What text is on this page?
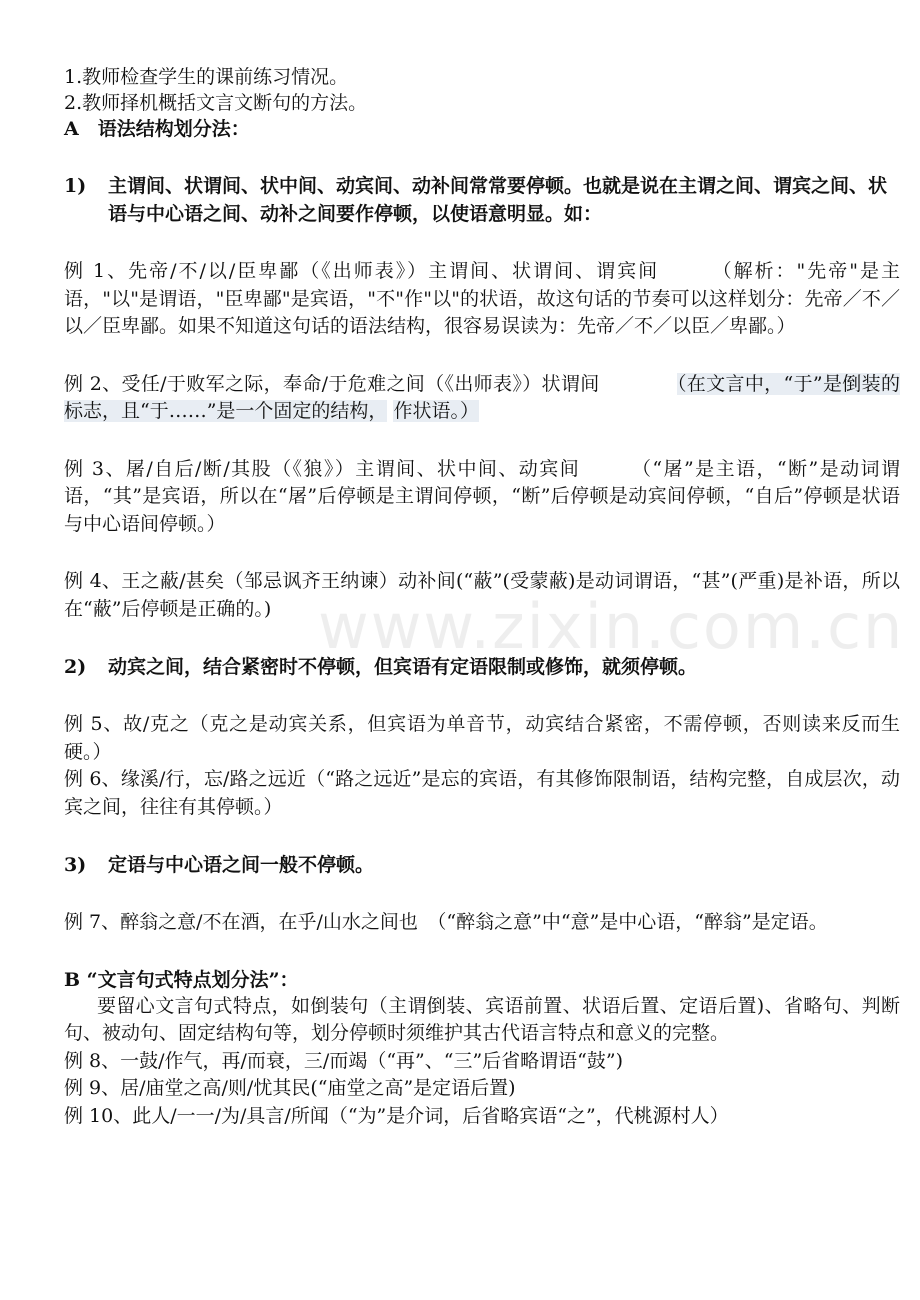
1.教师检查学生的课前练习情况。
2.教师择机概括文言文断句的方法。
A　语法结构划分法：
1)	主谓间、状谓间、状中间、动宾间、动补间常常要停顿。也就是说在主谓之间、谓宾之间、状语与中心语之间、动补之间要作停顿，以使语意明显。如：
例 1、先帝/不/以/臣卑鄙（《出师表》）主谓间、状谓间、谓宾间　　　（解析："先帝"是主语，"以"是谓语，"臣卑鄙"是宾语，"不"作"以"的状语，故这句话的节奏可以这样划分：先帝／不／以／臣卑鄙。如果不知道这句话的语法结构，很容易误读为：先帝／不／以臣／卑鄙。）
例 2、受任/于败军之际，奉命/于危难之间（《出师表》）状谓间　　　　（在文言中，“于”是倒装的标志，且“于……”是一个固定的结构， 作状语。）
例 3、屠/自后/断/其股（《狼》）主谓间、状中间、动宾间　　　（“屠”是主语，“断”是动词谓语，“其”是宾语，所以在“屠”后停顿是主谓间停顿，“断”后停顿是动宾间停顿，“自后”停顿是状语与中心语间停顿。）
例 4、王之蔽/甚矣（邹忌讽齐王纳谏）动补间(“蔽”(受蒙蔽)是动词谓语，“甚”(严重)是补语，所以在“蔽”后停顿是正确的。)
2)	动宾之间，结合紧密时不停顿，但宾语有定语限制或修饰，就须停顿。
例 5、故/克之（克之是动宾关系，但宾语为单音节，动宾结合紧密，不需停顿，否则读来反而生硬。）
例 6、缘溪/行，忘/路之远近（“路之远近”是忘的宾语，有其修饰限制语，结构完整，自成层次，动宾之间，往往有其停顿。）
3)	定语与中心语之间一般不停顿。
例 7、醉翁之意/不在酒，在乎/山水之间也　（“醉翁之意”中“意”是中心语，“醉翁”是定语。
B “文言句式特点划分法”：
要留心文言句式特点，如倒装句（主谓倒装、宾语前置、状语后置、定语后置)、省略句、判断句、被动句、固定结构句等，划分停顿时须维护其古代语言特点和意义的完整。
例 8、一鼓/作气，再/而衰，三/而竭（“再”、“三”后省略谓语“鼓”)
例 9、居/庙堂之高/则/忧其民(“庙堂之高”是定语后置)
例 10、此人/一一/为/具言/所闻（“为”是介词，后省略宾语“之”，代桃源村人）
www.zixin.com.cn
